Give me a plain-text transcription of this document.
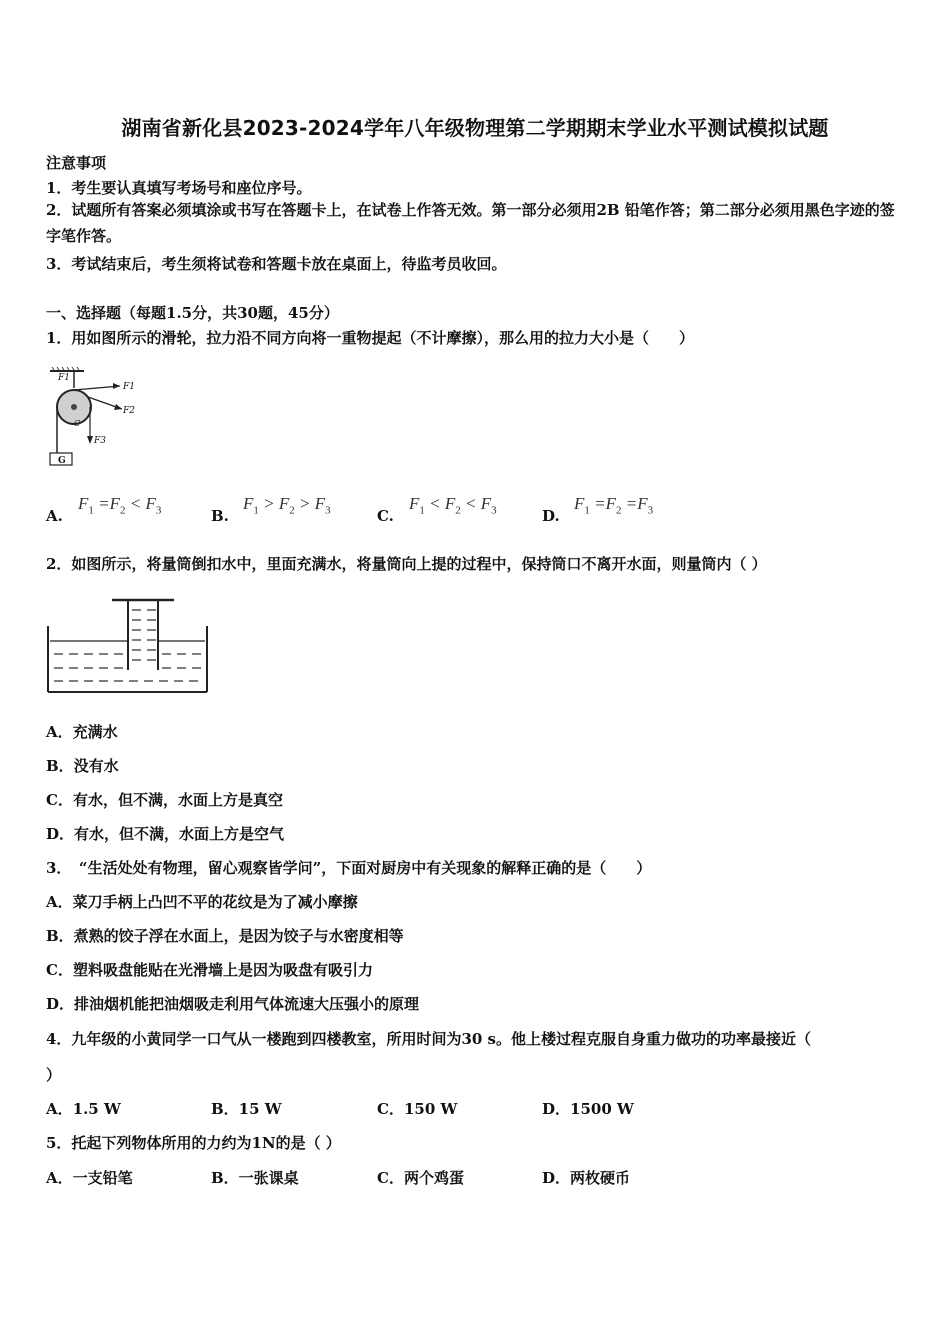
湖南省新化县2023-2024学年八年级物理第二学期期末学业水平测试模拟试题
注意事项
1．考生要认真填写考场号和座位序号。
2．试题所有答案必须填涂或书写在答题卡上，在试卷上作答无效。第一部分必须用2B 铅笔作答；第二部分必须用黑色字迹的签字笔作答。
3．考试结束后，考生须将试卷和答题卡放在桌面上，待监考员收回。
一、选择题（每题1.5分，共30题，45分）
1．用如图所示的滑轮，拉力沿不同方向将一重物提起（不计摩擦），那么用的拉力大小是（　　）
F1
F1
F2
F3
C
G
A.
$F_1 =F_2 < F_3$	B.
$F_1 > F_2 > F_3$	C.
$F_1 < F_2 < F_3$	D.
$F_1 =F_2 =F_3$
2．如图所示，将量筒倒扣水中，里面充满水，将量筒向上提的过程中，保持筒口不离开水面，则量筒内（ ）
A．充满水
B．没有水
C．有水，但不满，水面上方是真空
D．有水，但不满，水面上方是空气
3．　“生活处处有物理，留心观察皆学问”，下面对厨房中有关现象的解释正确的是（　　）
A．菜刀手柄上凸凹不平的花纹是为了减小摩擦
B．煮熟的饺子浮在水面上，是因为饺子与水密度相等
C．塑料吸盘能贴在光滑墙上是因为吸盘有吸引力
D．排油烟机能把油烟吸走利用气体流速大压强小的原理
4．九年级的小黄同学一口气从一楼跑到四楼教室，所用时间为30 s。他上楼过程克服自身重力做功的功率最接近（
）
A．1.5 W	B．15 W	C．150 W	D．1500 W
5．托起下列物体所用的力约为1N的是（ ）
A．一支铅笔	B．一张课桌	C．两个鸡蛋	D．两枚硬币
